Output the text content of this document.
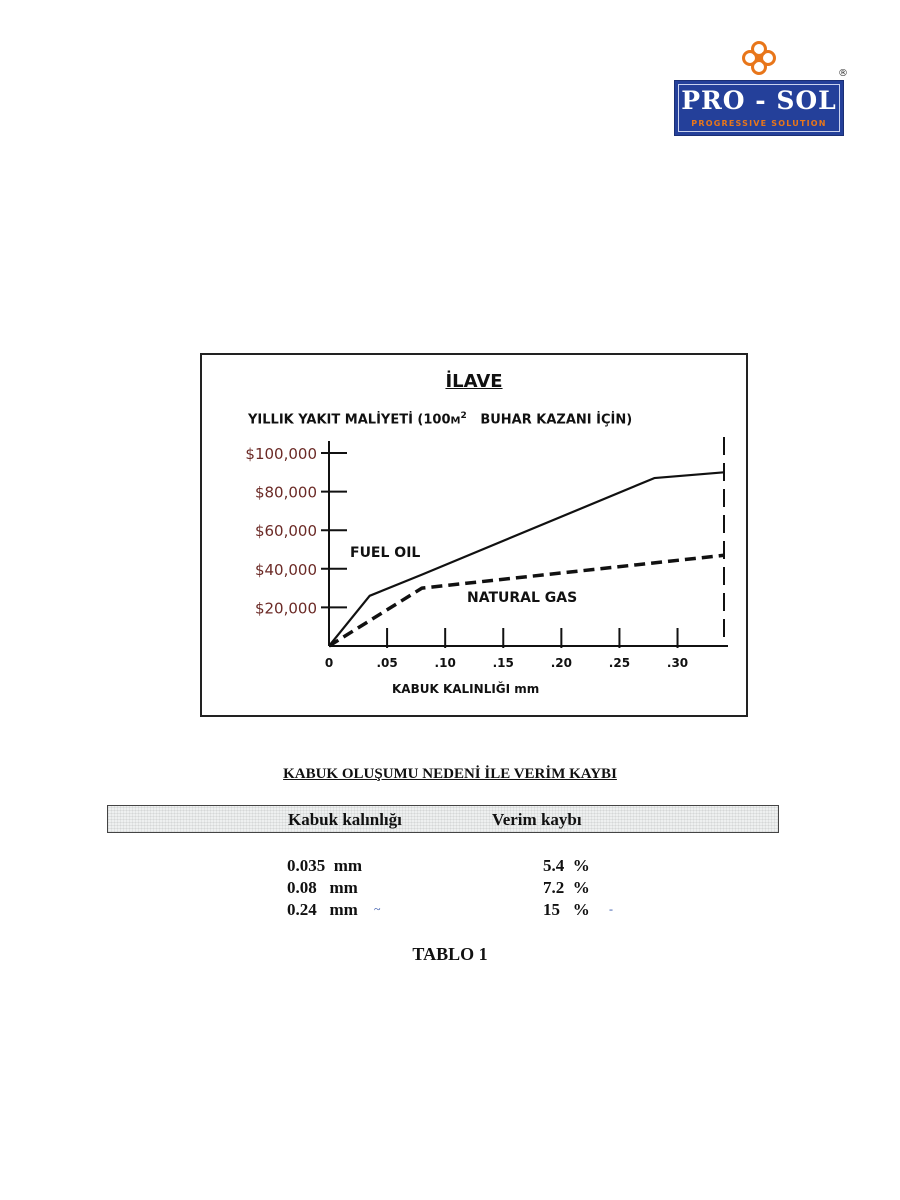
®
PRO - SOL
PROGRESSIVE SOLUTION
İLAVE
YILLIK YAKIT MALİYETİ ($100M^2$ BUHAR KAZANI İÇİN)
$20,000
$40,000
$60,000
$80,000
$100,000
0	.05	.10	.15	.20	.25	.30
KABUK KALINLIĞI mm
FUEL OIL
NATURAL GAS
KABUK OLUŞUMU NEDENİ İLE VERİM KAYBI
Kabuk kalınlığı	Verim kaybı
0.035  mm	5.4  %
0.08   mm	7.2  %
0.24   mm ~	15   % -
TABLO 1
